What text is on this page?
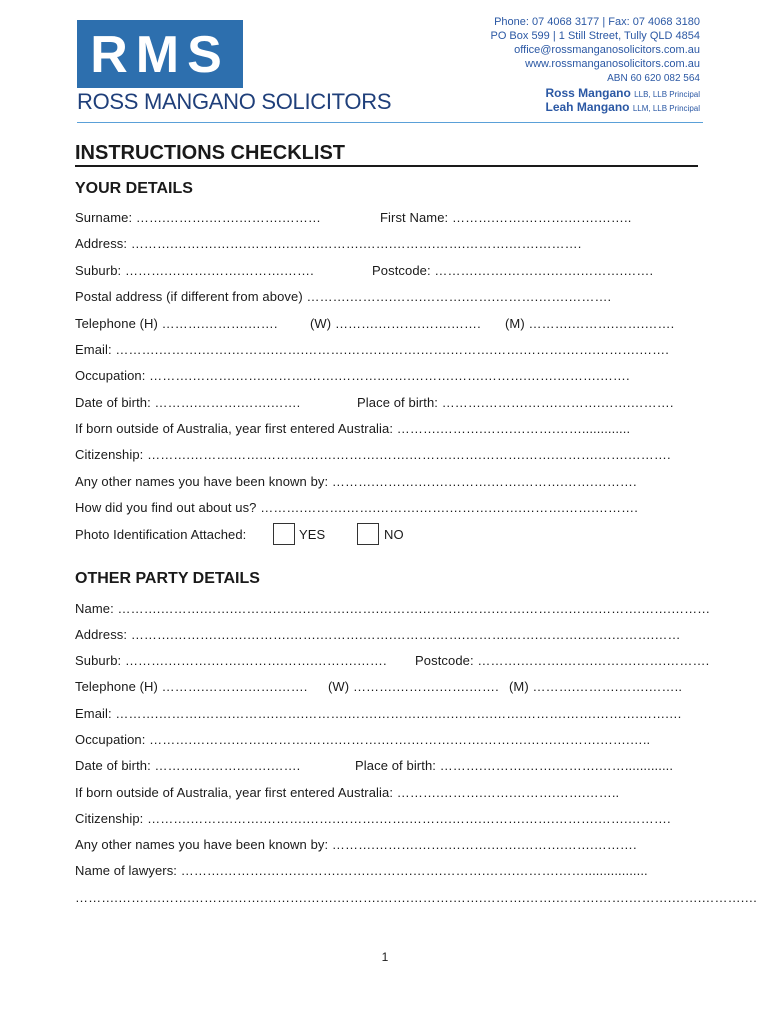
RMS
ROSS MANGANO SOLICITORS
Phone: 07 4068 3177 | Fax: 07 4068 3180
PO Box 599 | 1 Still Street, Tully QLD 4854
office@rossmanganosolicitors.com.au
www.rossmanganosolicitors.com.au
ABN 60 620 082 564
Ross Mangano LLB, LLB Principal
Leah Mangano LLM, LLB Principal
INSTRUCTIONS CHECKLIST
YOUR DETAILS
Surname: …….……….…….……….………	First Name: ……….…….……….…….……..
Address: ……….……….…….……….…….……….…….……….…….……….…….……….
Suburb: ……….……….…….……….…….	Postcode: ……….…….……….…….……….…….
Postal address (if different from above) ……….……….…….……….…….……….…….……….
Telephone (H) ……….……….……. (W) ……….……….…….……. (M) ……….……….…….…….
Email: ……….……….…….……….…….……….…….……….…….……….…….……….…….……….…….
Occupation: ……….……….…….……….…….……….…….……….…….……….…….……….…….
Date of birth: ……….……….…….…….	Place of birth: ……….……….…….……….…….……….
If born outside of Australia, year first entered Australia: ……….……….…….……….…….............
Citizenship: ……….……….…….……….…….……….…….……….…….……….…….……….…….……….
Any other names you have been known by: ……….……….…….……….…….……….…….……….
How did you find out about us? ……….……….…….……….…….……….…….……….…….……….
Photo Identification Attached:	YES	NO
OTHER PARTY DETAILS
Name: ……….……….…….……….…….……….…….……….…….……….…….……….…….……….…….………
Address: ……….……….…….……….…….……….…….……….…….……….…….……….…….……….……
Suburb: ……….……….…….……….…….……….……. Postcode: ……….……….…….……….…….……….
Telephone (H) ……….……….…….……. (W) ……….……….…….……. (M) ……….……….…….……..
Email: ……….……….…….……….…….……….…….……….…….……….…….……….…….……….…….…
Occupation: ……….……….…….……….…….……….…….……….…….……….…….……….…….…..
Date of birth: ……….……….…….…….	Place of birth: ……….……….…….……….…….............
If born outside of Australia, year first entered Australia: ……….……….…….……….…….……..
Citizenship: ……….……….…….……….…….……….…….……….…….……….…….……….…….……….
Any other names you have been known by: ……….……….…….……….…….……….…….……….
Name of lawyers: ……….……….…….……….…….……….…….……….…….……….…….................
……….……….…….……….…….……….…….……….…….……….…….……….…….……….…….……….…….……….…
1
